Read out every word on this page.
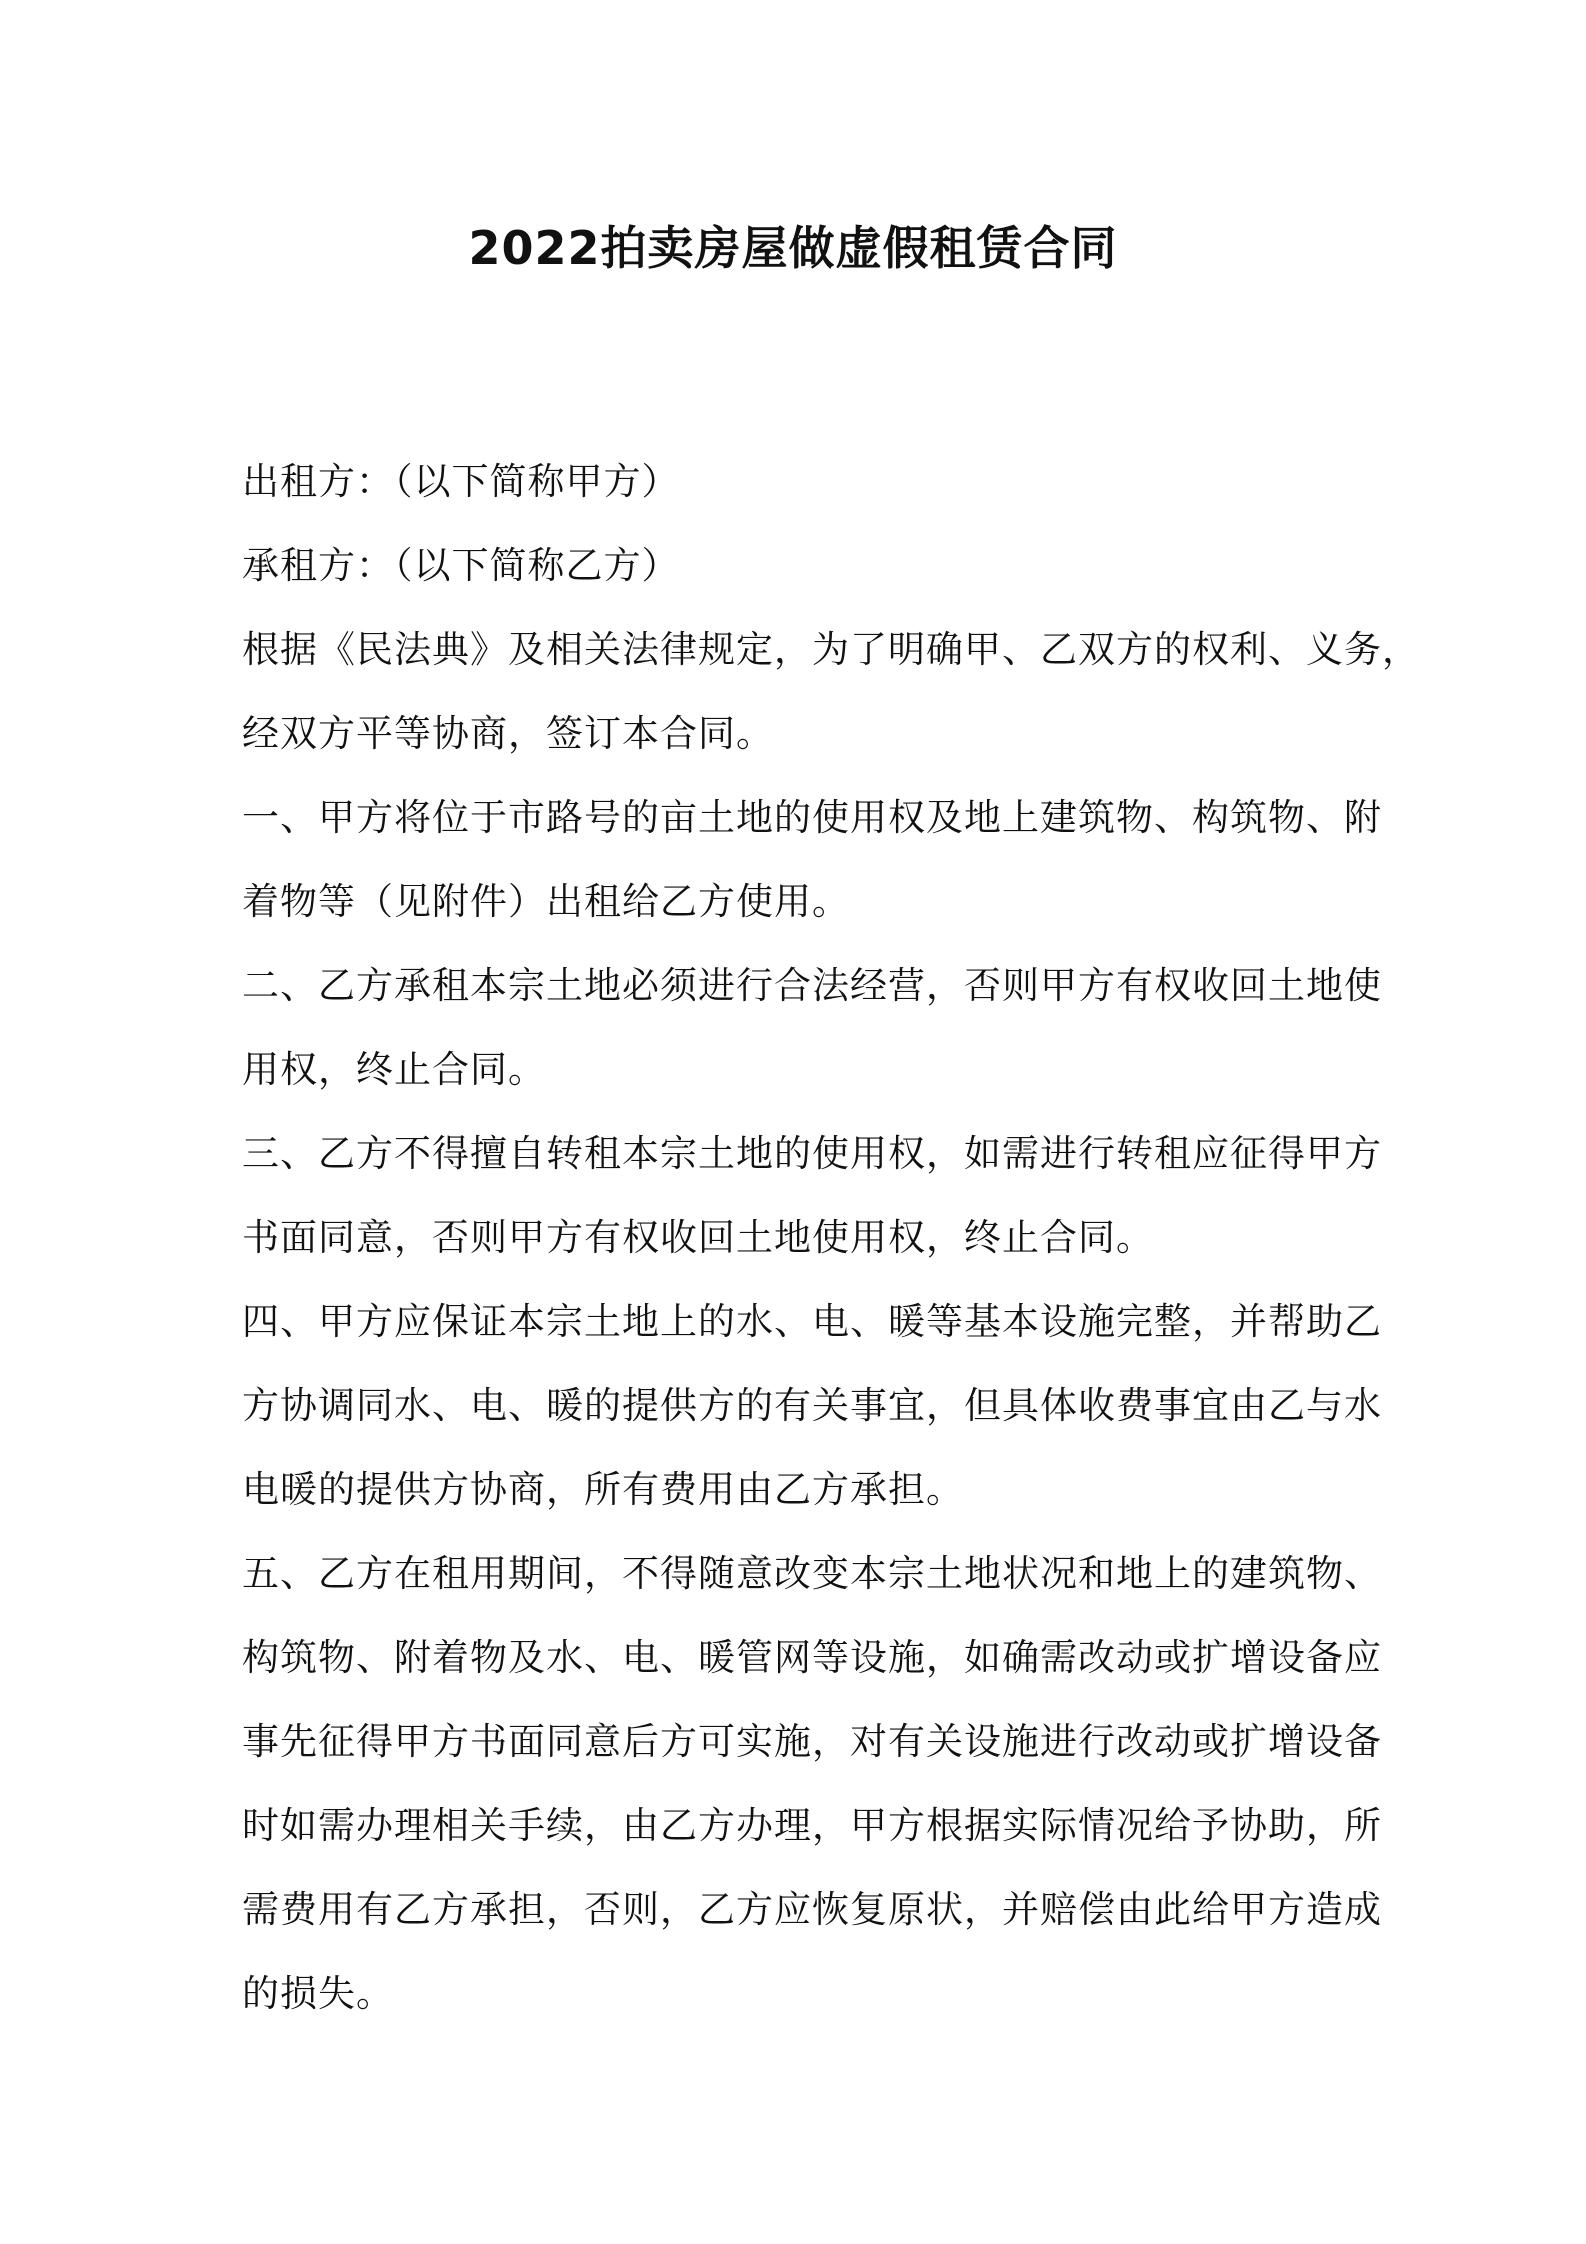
2022拍卖房屋做虚假租赁合同

出租方：（以下简称甲方）

承租方：（以下简称乙方）

根据《民法典》及相关法律规定，为了明确甲、乙双方的权利、义务，

经双方平等协商，签订本合同。

一、甲方将位于市路号的亩土地的使用权及地上建筑物、构筑物、附

着物等（见附件）出租给乙方使用。

二、乙方承租本宗土地必须进行合法经营，否则甲方有权收回土地使

用权，终止合同。

三、乙方不得擅自转租本宗土地的使用权，如需进行转租应征得甲方

书面同意，否则甲方有权收回土地使用权，终止合同。

四、甲方应保证本宗土地上的水、电、暖等基本设施完整，并帮助乙

方协调同水、电、暖的提供方的有关事宜，但具体收费事宜由乙与水

电暖的提供方协商，所有费用由乙方承担。

五、乙方在租用期间，不得随意改变本宗土地状况和地上的建筑物、

构筑物、附着物及水、电、暖管网等设施，如确需改动或扩增设备应

事先征得甲方书面同意后方可实施，对有关设施进行改动或扩增设备

时如需办理相关手续，由乙方办理，甲方根据实际情况给予协助，所

需费用有乙方承担，否则，乙方应恢复原状，并赔偿由此给甲方造成

的损失。
